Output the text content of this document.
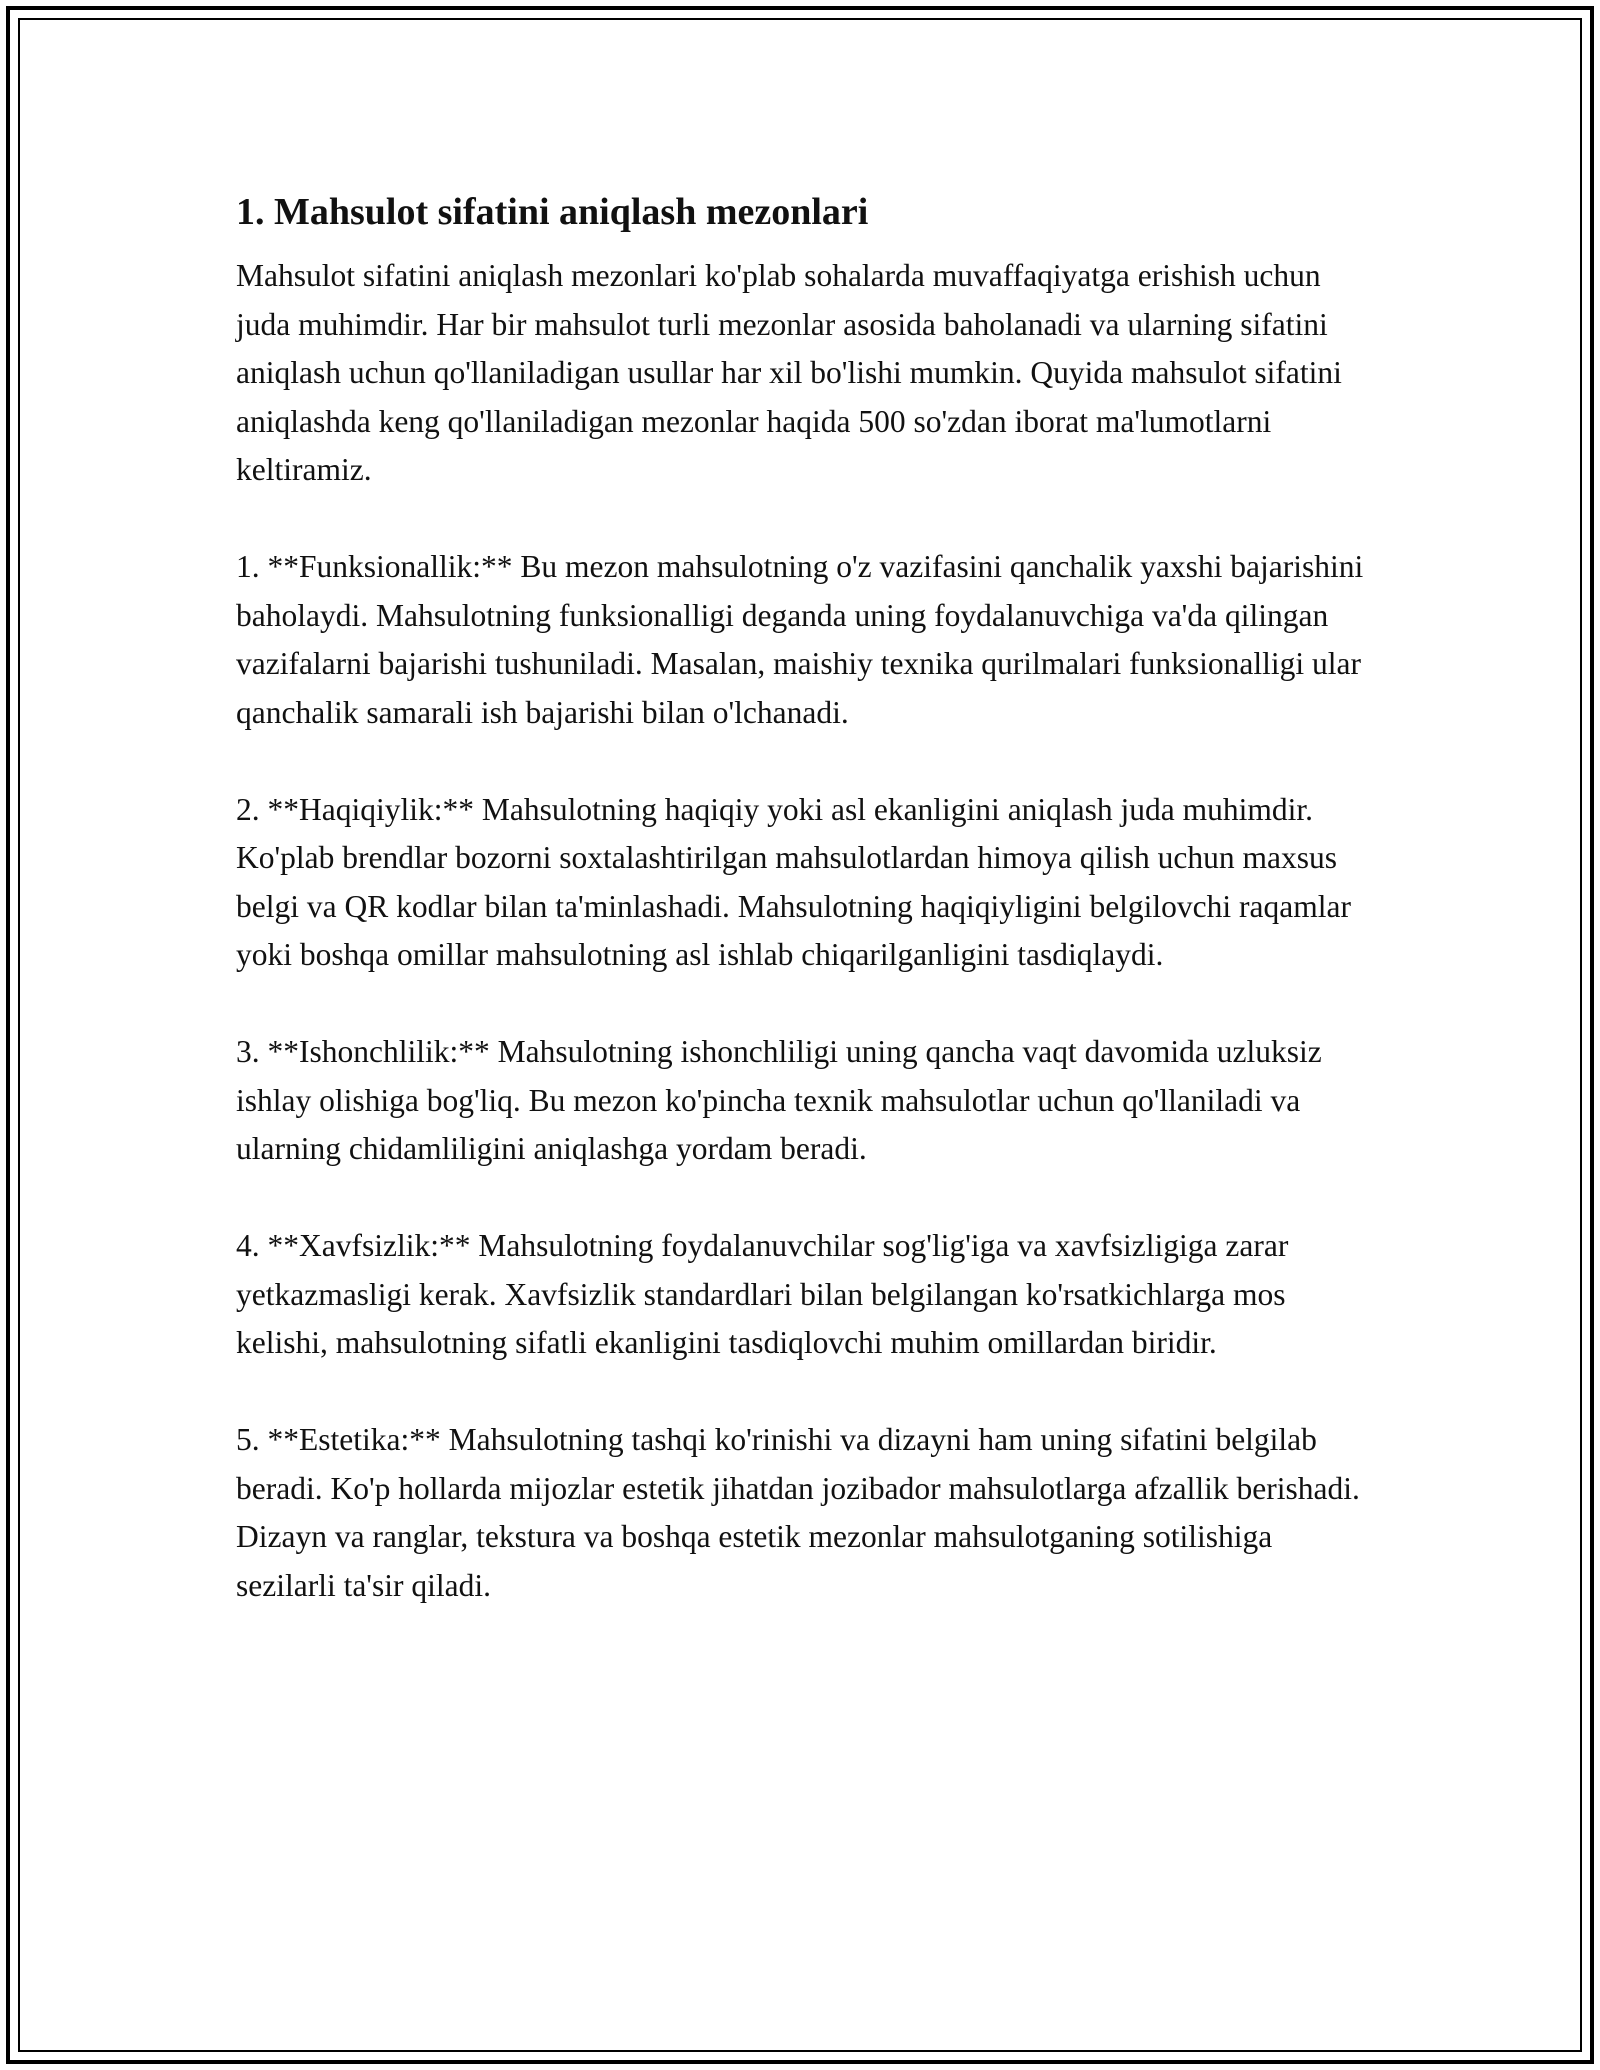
1. Mahsulot sifatini aniqlash mezonlari

Mahsulot sifatini aniqlash mezonlari ko'plab sohalarda muvaffaqiyatga erishish uchun juda muhimdir. Har bir mahsulot turli mezonlar asosida baholanadi va ularning sifatini aniqlash uchun qo'llaniladigan usullar har xil bo'lishi mumkin. Quyida mahsulot sifatini aniqlashda keng qo'llaniladigan mezonlar haqida 500 so'zdan iborat ma'lumotlarni keltiramiz.

1. **Funksionallik:** Bu mezon mahsulotning o'z vazifasini qanchalik yaxshi bajarishini baholaydi. Mahsulotning funksionalligi deganda uning foydalanuvchiga va'da qilingan vazifalarni bajarishi tushuniladi. Masalan, maishiy texnika qurilmalari funksionalligi ular qanchalik samarali ish bajarishi bilan o'lchanadi.

2. **Haqiqiylik:** Mahsulotning haqiqiy yoki asl ekanligini aniqlash juda muhimdir. Ko'plab brendlar bozorni soxtalashtirilgan mahsulotlardan himoya qilish uchun maxsus belgi va QR kodlar bilan ta'minlashadi. Mahsulotning haqiqiyligini belgilovchi raqamlar yoki boshqa omillar mahsulotning asl ishlab chiqarilganligini tasdiqlaydi.

3. **Ishonchlilik:** Mahsulotning ishonchliligi uning qancha vaqt davomida uzluksiz ishlay olishiga bog'liq. Bu mezon ko'pincha texnik mahsulotlar uchun qo'llaniladi va ularning chidamliligini aniqlashga yordam beradi.

4. **Xavfsizlik:** Mahsulotning foydalanuvchilar sog'lig'iga va xavfsizligiga zarar yetkazmasligi kerak. Xavfsizlik standardlari bilan belgilangan ko'rsatkichlarga mos kelishi, mahsulotning sifatli ekanligini tasdiqlovchi muhim omillardan biridir.

5. **Estetika:** Mahsulotning tashqi ko'rinishi va dizayni ham uning sifatini belgilab beradi. Ko'p hollarda mijozlar estetik jihatdan jozibador mahsulotlarga afzallik berishadi. Dizayn va ranglar, tekstura va boshqa estetik mezonlar mahsulotganing sotilishiga sezilarli ta'sir qiladi.
